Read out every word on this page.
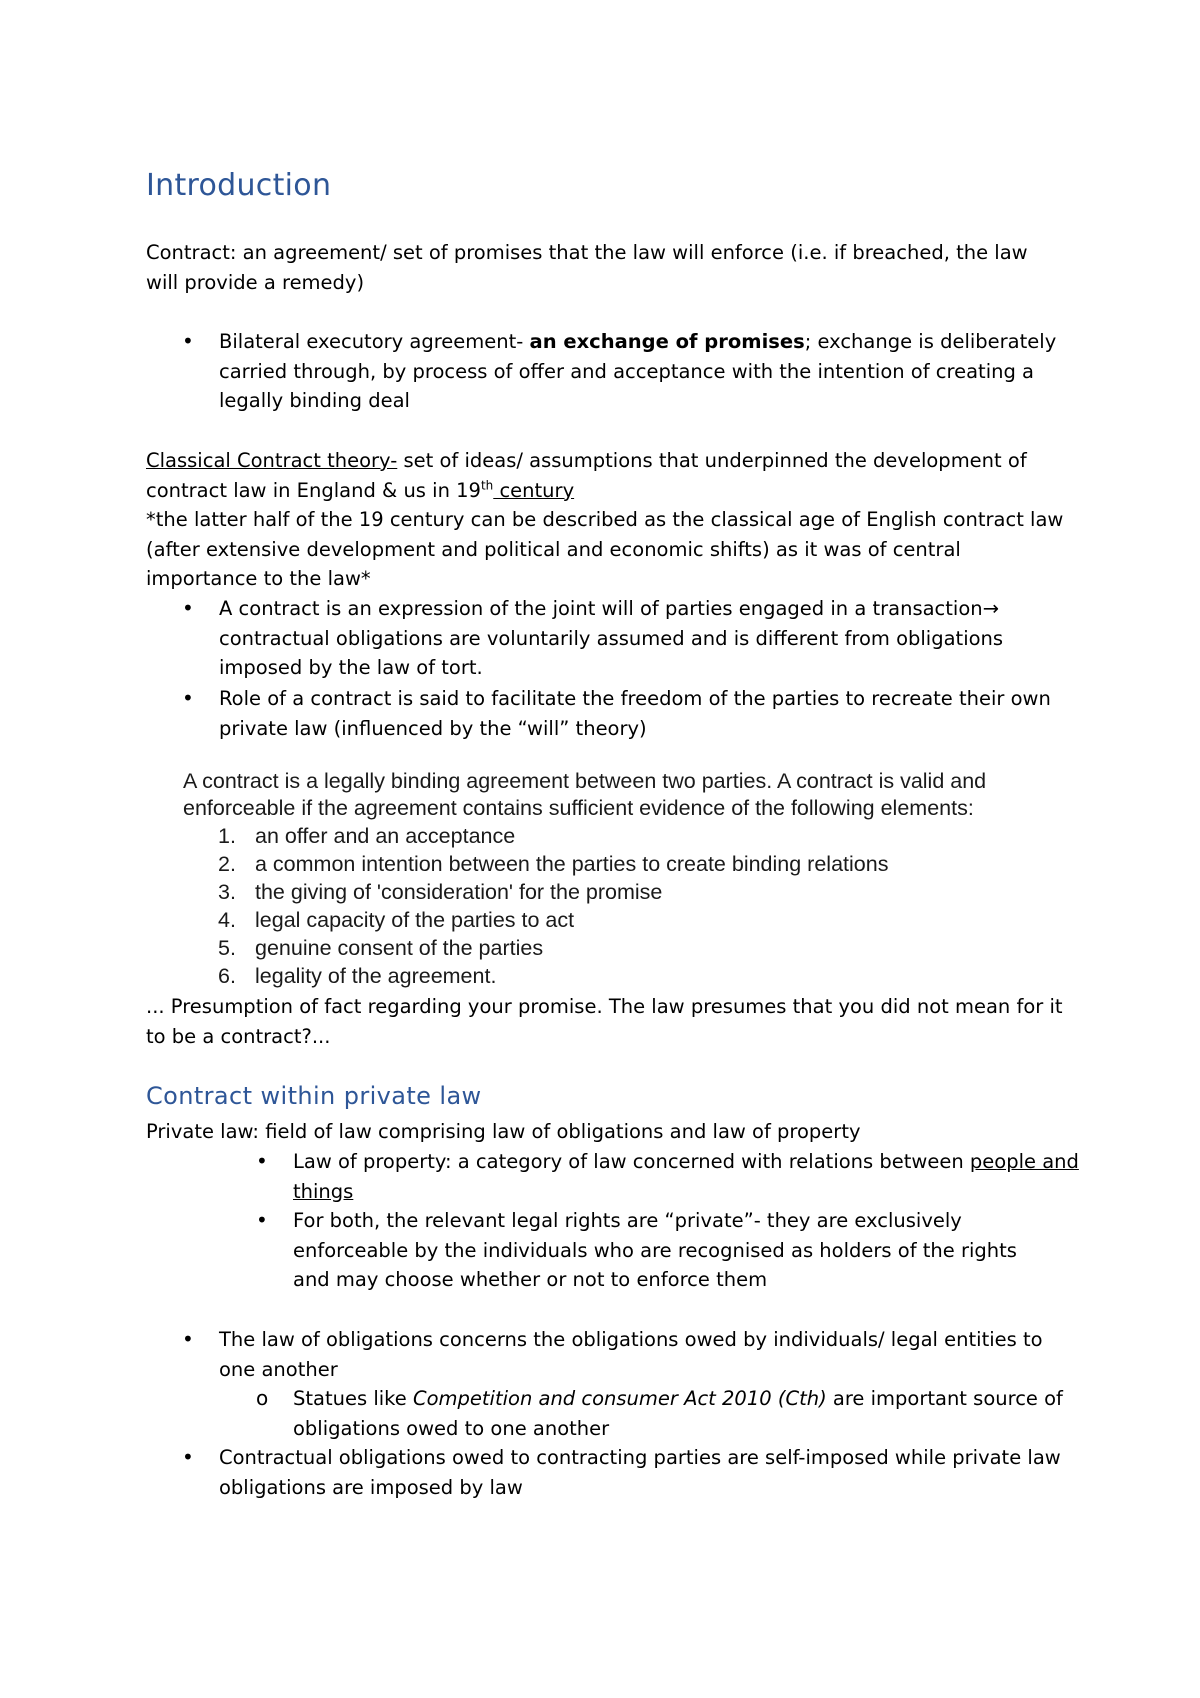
Introduction
Contract: an agreement/ set of promises that the law will enforce (i.e. if breached, the law will provide a remedy)
• Bilateral executory agreement- an exchange of promises; exchange is deliberately carried through, by process of offer and acceptance with the intention of creating a legally binding deal
Classical Contract theory- set of ideas/ assumptions that underpinned the development of contract law in England & us in 19th century
*the latter half of the 19 century can be described as the classical age of English contract law (after extensive development and political and economic shifts) as it was of central importance to the law*
• A contract is an expression of the joint will of parties engaged in a transaction→ contractual obligations are voluntarily assumed and is different from obligations imposed by the law of tort.
• Role of a contract is said to facilitate the freedom of the parties to recreate their own private law (influenced by the “will” theory)
A contract is a legally binding agreement between two parties. A contract is valid and enforceable if the agreement contains sufficient evidence of the following elements:
1. an offer and an acceptance
2. a common intention between the parties to create binding relations
3. the giving of 'consideration' for the promise
4. legal capacity of the parties to act
5. genuine consent of the parties
6. legality of the agreement.
... Presumption of fact regarding your promise. The law presumes that you did not mean for it to be a contract?...
Contract within private law
Private law: field of law comprising law of obligations and law of property
• Law of property: a category of law concerned with relations between people and things
• For both, the relevant legal rights are “private”- they are exclusively enforceable by the individuals who are recognised as holders of the rights and may choose whether or not to enforce them
• The law of obligations concerns the obligations owed by individuals/ legal entities to one another
o Statues like Competition and consumer Act 2010 (Cth) are important source of obligations owed to one another
• Contractual obligations owed to contracting parties are self-imposed while private law obligations are imposed by law
